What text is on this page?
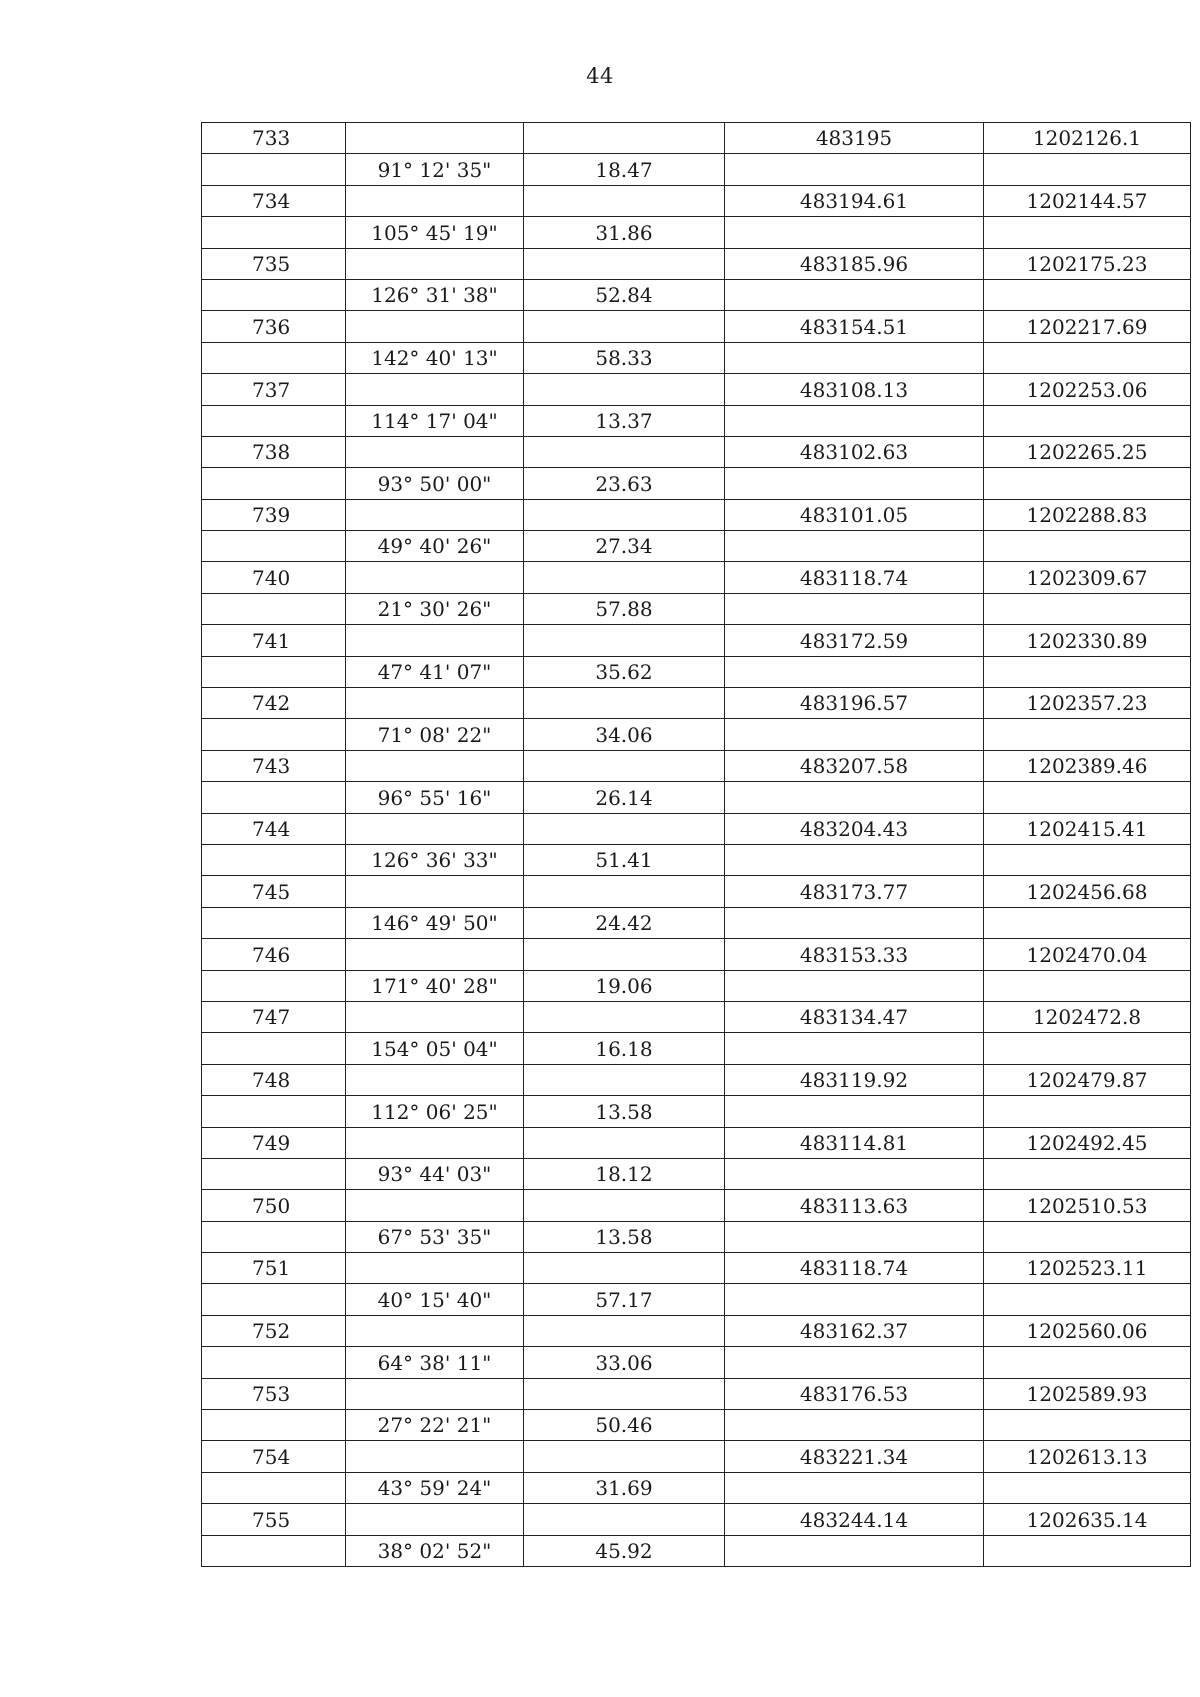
44
733			483195	1202126.1
	91° 12' 35"	18.47		
734			483194.61	1202144.57
	105° 45' 19"	31.86		
735			483185.96	1202175.23
	126° 31' 38"	52.84		
736			483154.51	1202217.69
	142° 40' 13"	58.33		
737			483108.13	1202253.06
	114° 17' 04"	13.37		
738			483102.63	1202265.25
	93° 50' 00"	23.63		
739			483101.05	1202288.83
	49° 40' 26"	27.34		
740			483118.74	1202309.67
	21° 30' 26"	57.88		
741			483172.59	1202330.89
	47° 41' 07"	35.62		
742			483196.57	1202357.23
	71° 08' 22"	34.06		
743			483207.58	1202389.46
	96° 55' 16"	26.14		
744			483204.43	1202415.41
	126° 36' 33"	51.41		
745			483173.77	1202456.68
	146° 49' 50"	24.42		
746			483153.33	1202470.04
	171° 40' 28"	19.06		
747			483134.47	1202472.8
	154° 05' 04"	16.18		
748			483119.92	1202479.87
	112° 06' 25"	13.58		
749			483114.81	1202492.45
	93° 44' 03"	18.12		
750			483113.63	1202510.53
	67° 53' 35"	13.58		
751			483118.74	1202523.11
	40° 15' 40"	57.17		
752			483162.37	1202560.06
	64° 38' 11"	33.06		
753			483176.53	1202589.93
	27° 22' 21"	50.46		
754			483221.34	1202613.13
	43° 59' 24"	31.69		
755			483244.14	1202635.14
	38° 02' 52"	45.92		
